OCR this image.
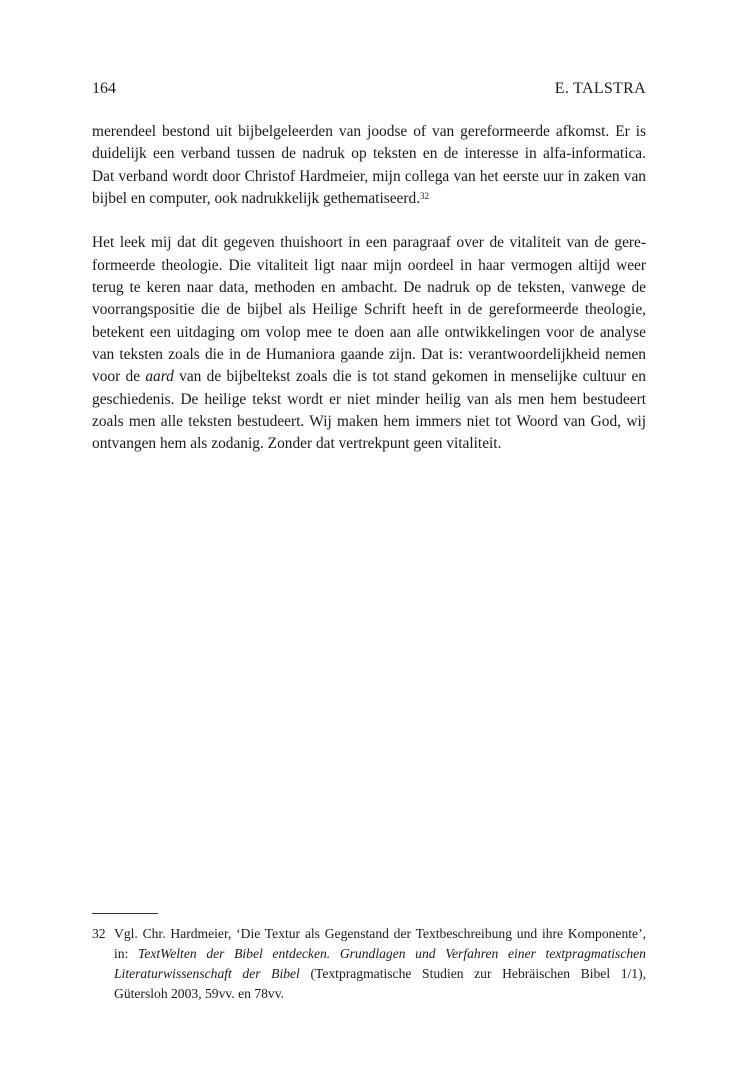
164	E. TALSTRA
merendeel bestond uit bijbelgeleerden van joodse of van gereformeerde afkomst. Er is
duidelijk een verband tussen de nadruk op teksten en de interesse in alfa-informatica.
Dat verband wordt door Christof Hardmeier, mijn collega van het eerste uur in zaken van
bijbel en computer, ook nadrukkelijk gethematiseerd.$^{32}$
Het leek mij dat dit gegeven thuishoort in een paragraaf over de vitaliteit van de gere-
formeerde theologie. Die vitaliteit ligt naar mijn oordeel in haar vermogen altijd weer
terug te keren naar data, methoden en ambacht. De nadruk op de teksten, vanwege de
voorrangspositie die de bijbel als Heilige Schrift heeft in de gereformeerde theologie,
betekent een uitdaging om volop mee te doen aan alle ontwikkelingen voor de analyse
van teksten zoals die in de Humaniora gaande zijn. Dat is: verantwoordelijkheid nemen
voor de aard van de bijbeltekst zoals die is tot stand gekomen in menselijke cultuur en
geschiedenis. De heilige tekst wordt er niet minder heilig van als men hem bestudeert
zoals men alle teksten bestudeert. Wij maken hem immers niet tot Woord van God, wij
ontvangen hem als zodanig. Zonder dat vertrekpunt geen vitaliteit.
32 Vgl. Chr. Hardmeier, ‘Die Textur als Gegenstand der Textbeschreibung und ihre Komponente’,
in: TextWelten der Bibel entdecken. Grundlagen und Verfahren einer textpragmatischen
Literaturwissenschaft der Bibel (Textpragmatische Studien zur Hebräischen Bibel 1/1),
Gütersloh 2003, 59vv. en 78vv.
